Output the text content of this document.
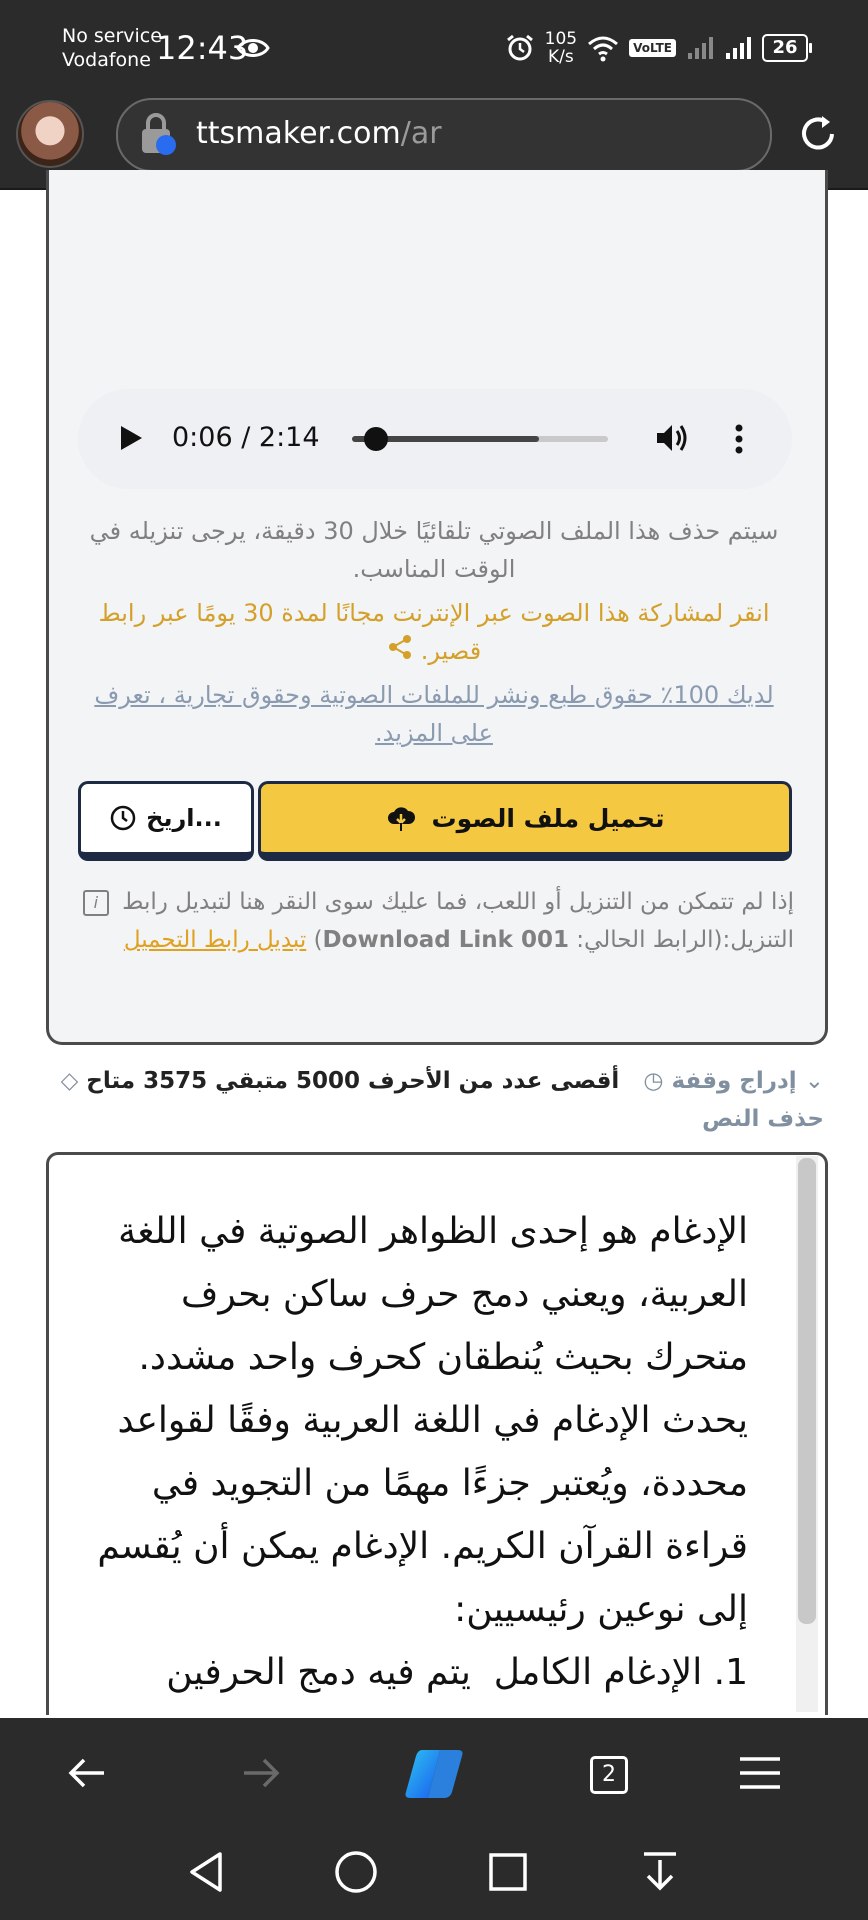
No service
Vodafone 12:43	105
K/s	VoLTE	26
ttsmaker.com/ar
0:06 / 2:14
سيتم حذف هذا الملف الصوتي تلقائيًا خلال 30 دقيقة، يرجى تنزيله في الوقت المناسب.
انقر لمشاركة هذا الصوت عبر الإنترنت مجانًا لمدة 30 يومًا عبر رابط قصير.
لديك 100٪ حقوق طبع ونشر للملفات الصوتية وحقوق تجارية ، تعرف على المزيد.
تحميل ملف الصوت
...اريخ
إذا لم تتمكن من التنزيل أو اللعب، فما عليك سوى النقر هنا لتبديل رابط i
التنزيل:(الرابط الحالي: Download Link 001) تبديل رابط التحميل
⌄ إدراج وقفة ◷   أقصى عدد من الأحرف 5000 متبقي 3575 متاح ◇ حذف النص
الإدغام هو إحدى الظواهر الصوتية في اللغة العربية، ويعني دمج حرف ساكن بحرف متحرك بحيث يُنطقان كحرف واحد مشدد. يحدث الإدغام في اللغة العربية وفقًا لقواعد محددة، ويُعتبر جزءًا مهمًا من التجويد في قراءة القرآن الكريم. الإدغام يمكن أن يُقسم إلى نوعين رئيسيين:
1. الإدغام الكامل  يتم فيه دمج الحرفين
2
